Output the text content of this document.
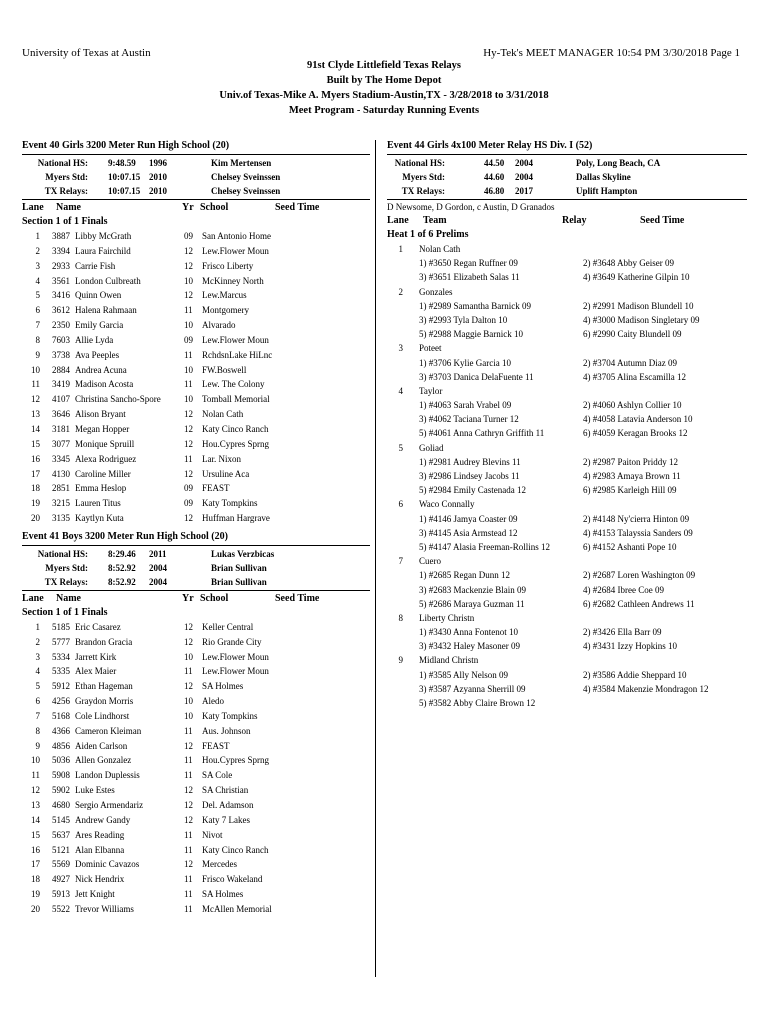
University of Texas at Austin	Hy-Tek's MEET MANAGER 10:54 PM 3/30/2018 Page 1
91st Clyde Littlefield Texas Relays
Built by The Home Depot
Univ.of Texas-Mike A. Myers Stadium-Austin,TX - 3/28/2018 to 3/31/2018
Meet Program - Saturday Running Events
Event 40 Girls 3200 Meter Run High School (20)
National HS: 9:48.59 1996	Kim Mertensen
Myers Std: 10:07.15 2010	Chelsey Sveinssen
TX Relays: 10:07.15 2010	Chelsey Sveinssen
Lane Name	Yr School	Seed Time
Section 1 of 1 Finals
1 3887 Libby McGrath	09	San Antonio Home
2 3394 Laura Fairchild	12	Lew.Flower Moun
3 2933 Carrie Fish	12	Frisco Liberty
4 3561 London Culbreath	10	McKinney North
5 3416 Quinn Owen	12	Lew.Marcus
6 3612 Halena Rahmaan	11	Montgomery
7 2350 Emily Garcia	10	Alvarado
8 7603 Allie Lyda	09	Lew.Flower Moun
9 3738 Ava Peeples	11	RchdsnLake HiLnc
10 2884 Andrea Acuna	10	FW.Boswell
11 3419 Madison Acosta	11	Lew. The Colony
12 4107 Christina Sancho-Spore	10	Tomball Memorial
13 3646 Alison Bryant	12	Nolan Cath
14 3181 Megan Hopper	12	Katy Cinco Ranch
15 3077 Monique Spruill	12	Hou.Cypres Sprng
16 3345 Alexa Rodriguez	11	Lar. Nixon
17 4130 Caroline Miller	12	Ursuline Aca
18 2851 Emma Heslop	09	FEAST
19 3215 Lauren Titus	09	Katy Tompkins
20 3135 Kaytlyn Kuta	12	Huffman Hargrave
Event 41 Boys 3200 Meter Run High School (20)
National HS: 8:29.46 2011	Lukas Verzbicas
Myers Std: 8:52.92 2004	Brian Sullivan
TX Relays: 8:52.92 2004	Brian Sullivan
Lane Name	Yr School	Seed Time
Section 1 of 1 Finals
1 5185 Eric Casarez	12	Keller Central
2 5777 Brandon Gracia	12	Rio Grande City
3 5334 Jarrett Kirk	10	Lew.Flower Moun
4 5335 Alex Maier	11	Lew.Flower Moun
5 5912 Ethan Hageman	12	SA Holmes
6 4256 Graydon Morris	10	Aledo
7 5168 Cole Lindhorst	10	Katy Tompkins
8 4366 Cameron Kleiman	11	Aus. Johnson
9 4856 Aiden Carlson	12	FEAST
10 5036 Allen Gonzalez	11	Hou.Cypres Sprng
11 5908 Landon Duplessis	11	SA Cole
12 5902 Luke Estes	12	SA Christian
13 4680 Sergio Armendariz	12	Del. Adamson
14 5145 Andrew Gandy	12	Katy 7 Lakes
15 5637 Ares Reading	11	Nivot
16 5121 Alan Elbanna	11	Katy Cinco Ranch
17 5569 Dominic Cavazos	12	Mercedes
18 4927 Nick Hendrix	11	Frisco Wakeland
19 5913 Jett Knight	11	SA Holmes
20 5522 Trevor Williams	11	McAllen Memorial
Event 44 Girls 4x100 Meter Relay HS Div. I (52)
National HS:	44.50 2004	Poly, Long Beach, CA
Myers Std:	44.60 2004	Dallas Skyline
TX Relays:	46.80 2017	Uplift Hampton
D Newsome, D Gordon, c Austin, D Granados
Lane Team	Relay	Seed Time
Heat 1 of 6 Prelims
1 Nolan Cath
1) #3650 Regan Ruffner 09	2) #3648 Abby Geiser 09
3) #3651 Elizabeth Salas 11	4) #3649 Katherine Gilpin 10
2 Gonzales
1) #2989 Samantha Barnick 09	2) #2991 Madison Blundell 10
3) #2993 Tyla Dalton 10	4) #3000 Madison Singletary 09
5) #2988 Maggie Barnick 10	6) #2990 Caity Blundell 09
3 Poteet
1) #3706 Kylie Garcia 10	2) #3704 Autumn Diaz 09
3) #3703 Danica DelaFuente 11	4) #3705 Alina Escamilla 12
4 Taylor
1) #4063 Sarah Vrabel 09	2) #4060 Ashlyn Collier 10
3) #4062 Taciana Turner 12	4) #4058 Latavia Anderson 10
5) #4061 Anna Cathryn Griffith 11	6) #4059 Keragan Brooks 12
5 Goliad
1) #2981 Audrey Blevins 11	2) #2987 Paiton Priddy 12
3) #2986 Lindsey Jacobs 11	4) #2983 Amaya Brown 11
5) #2984 Emily Castenada 12	6) #2985 Karleigh Hill 09
6 Waco Connally
1) #4146 Jamya Coaster 09	2) #4148 Ny'cierra Hinton 09
3) #4145 Asia Armstead 12	4) #4153 Talayssia Sanders 09
5) #4147 Alasia Freeman-Rollins 12	6) #4152 Ashanti Pope 10
7 Cuero
1) #2685 Regan Dunn 12	2) #2687 Loren Washington 09
3) #2683 Mackenzie Blain 09	4) #2684 Ibree Coe 09
5) #2686 Maraya Guzman 11	6) #2682 Cathleen Andrews 11
8 Liberty Christn
1) #3430 Anna Fontenot 10	2) #3426 Ella Barr 09
3) #3432 Haley Masoner 09	4) #3431 Izzy Hopkins 10
9 Midland Christn
1) #3585 Ally Nelson 09	2) #3586 Addie Sheppard 10
3) #3587 Azyanna Sherrill 09	4) #3584 Makenzie Mondragon 12
5) #3582 Abby Claire Brown 12
